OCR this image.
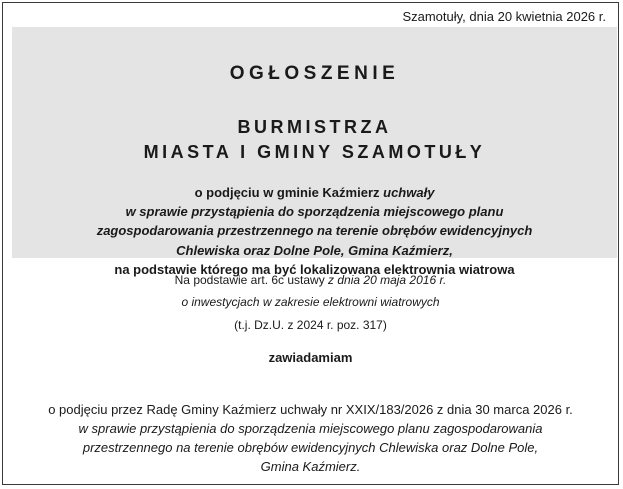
Szamotuły, dnia 20 kwietnia 2026 r.
OGŁOSZENIE
BURMISTRZA
MIASTA I GMINY SZAMOTUŁY
o podjęciu w gminie Kaźmierz uchwały
w sprawie przystąpienia do sporządzenia miejscowego planu
zagospodarowania przestrzennego na terenie obrębów ewidencyjnych
Chlewiska oraz Dolne Pole, Gmina Kaźmierz,
na podstawie którego ma być lokalizowana elektrownia wiatrowa
Na podstawie art. 6c ustawy z dnia 20 maja 2016 r.
o inwestycjach w zakresie elektrowni wiatrowych
(t.j. Dz.U. z 2024 r. poz. 317)
zawiadamiam
o podjęciu przez Radę Gminy Kaźmierz uchwały nr XXIX/183/2026 z dnia 30 marca 2026 r.
w sprawie przystąpienia do sporządzenia miejscowego planu zagospodarowania
przestrzennego na terenie obrębów ewidencyjnych Chlewiska oraz Dolne Pole,
Gmina Kaźmierz.
